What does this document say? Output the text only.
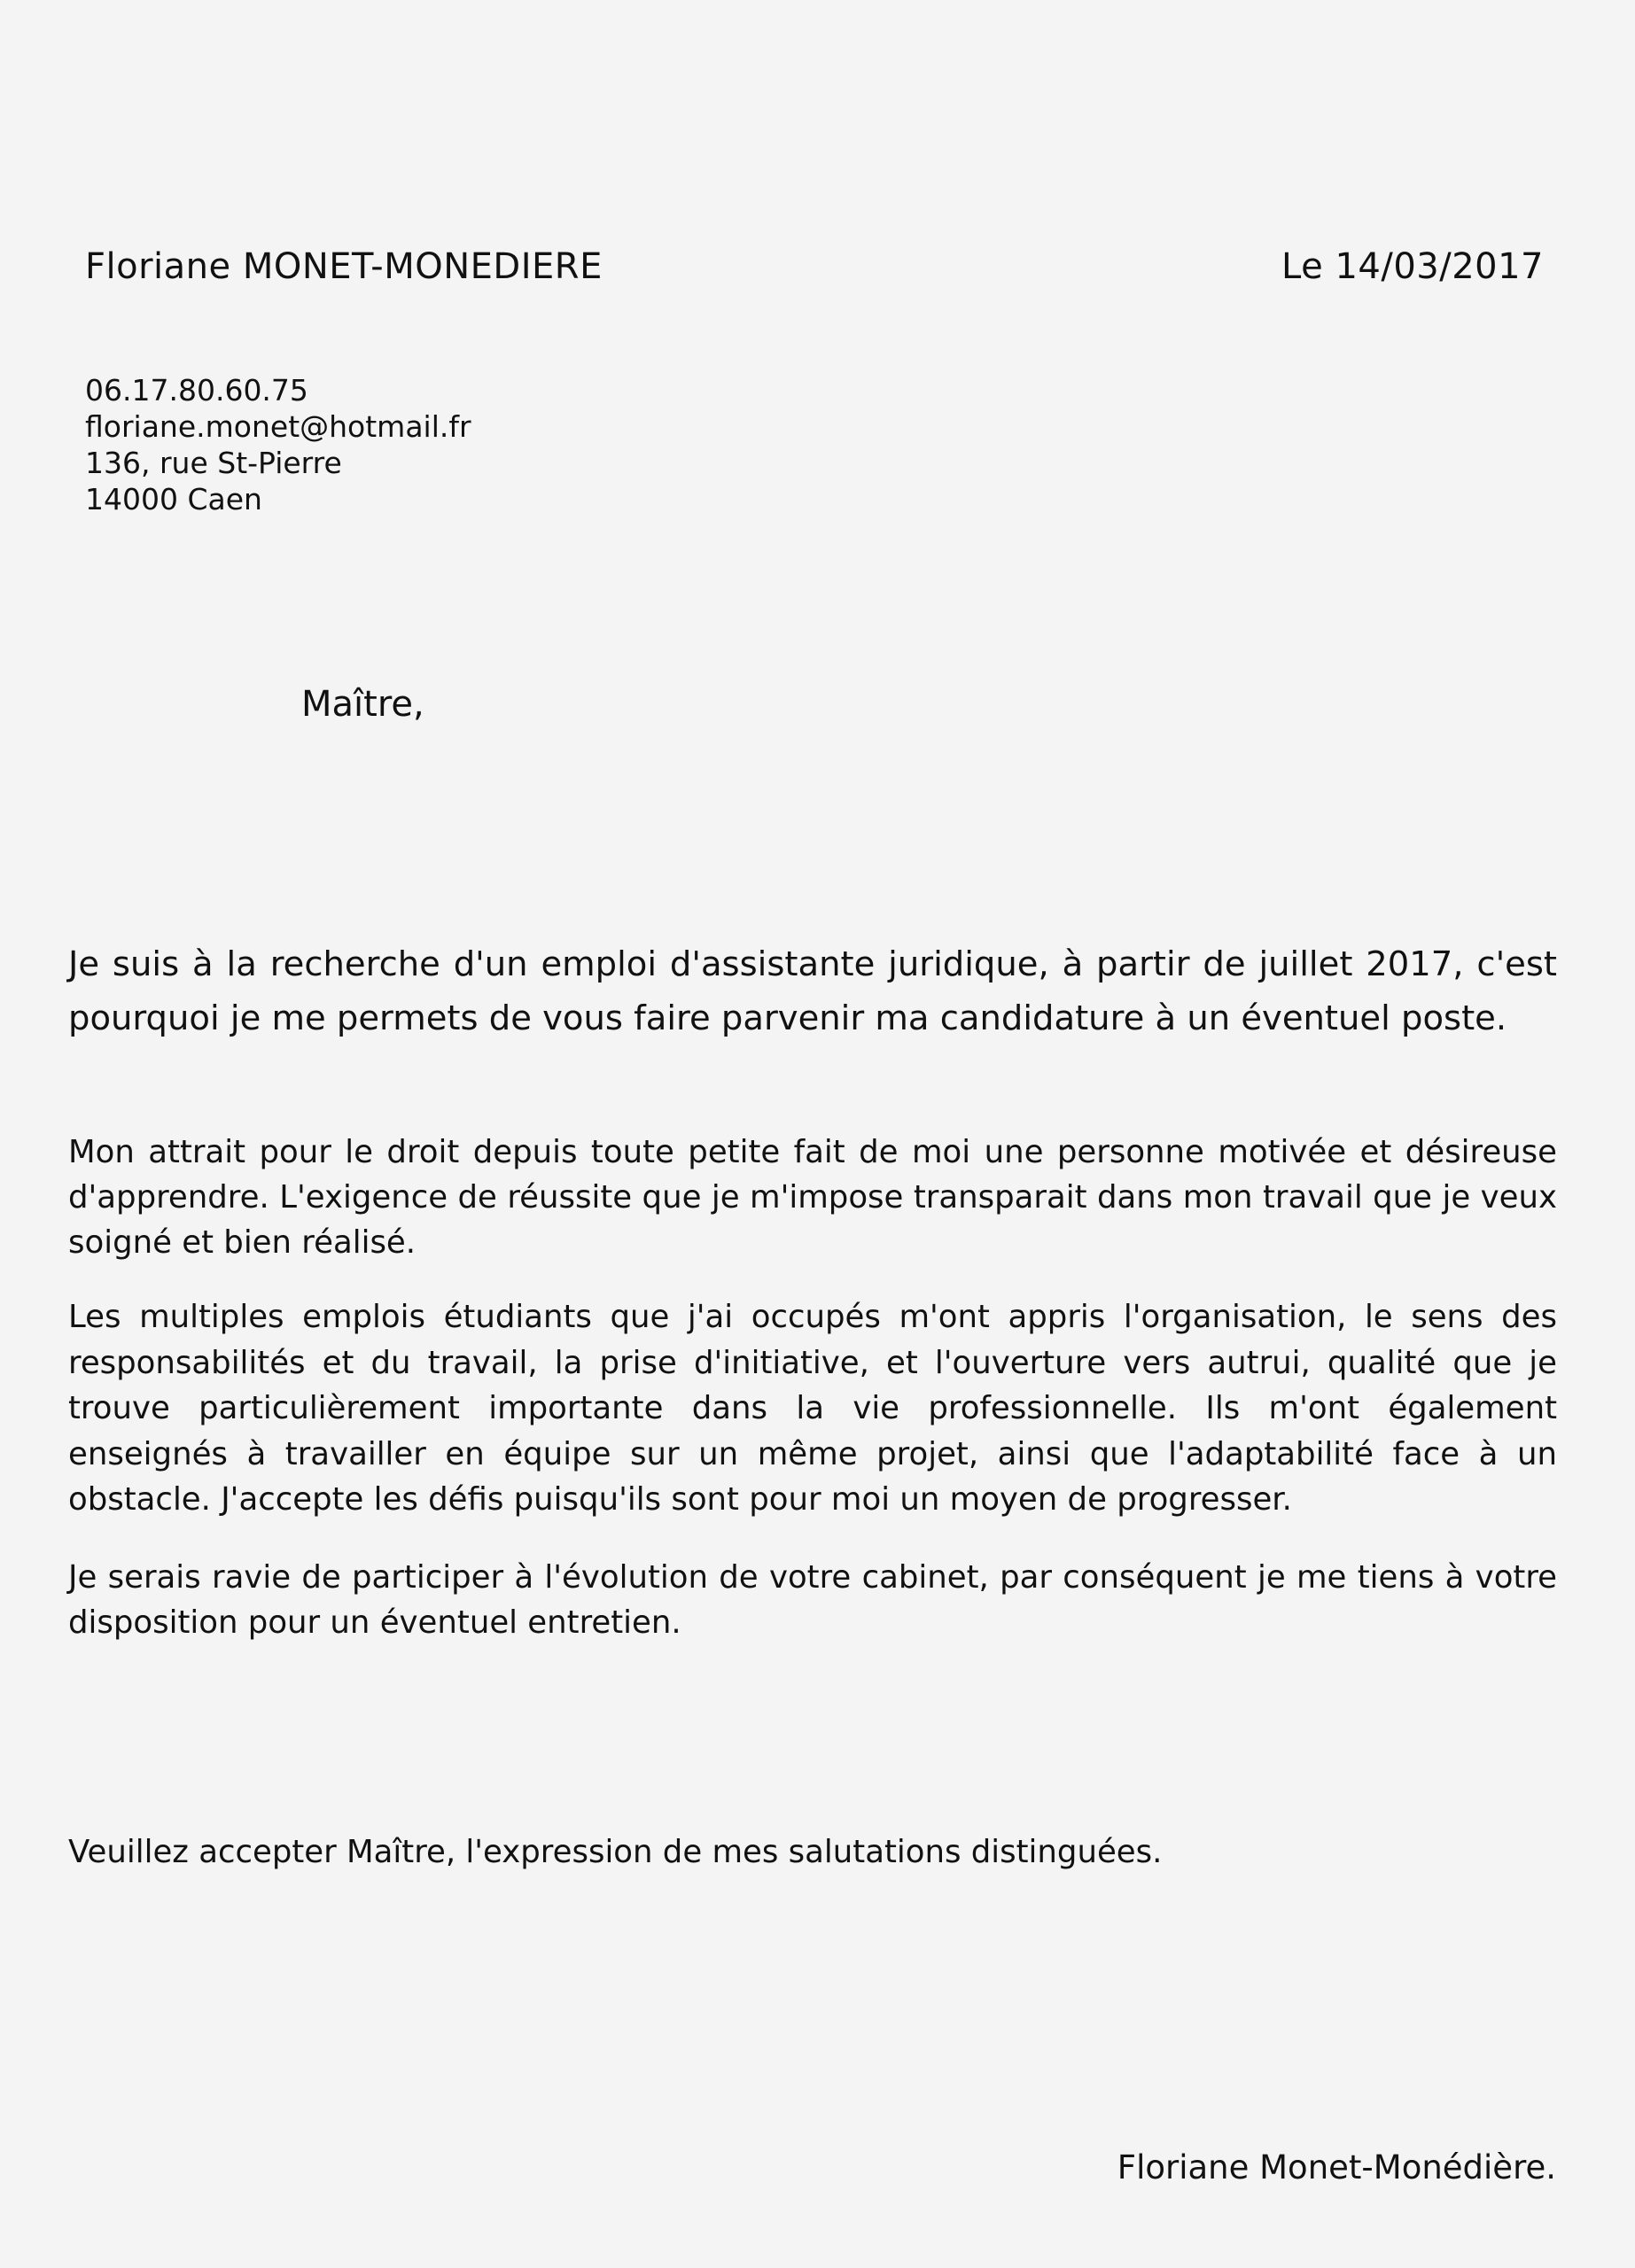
Floriane MONET-MONEDIERE	Le 14/03/2017
06.17.80.60.75
floriane.monet@hotmail.fr
136, rue St-Pierre
14000 Caen
Maître,

Je suis à la recherche d'un emploi d'assistante juridique, à partir de juillet 2017, c'est pourquoi je me permets de vous faire parvenir ma candidature à un éventuel poste.

Mon attrait pour le droit depuis toute petite fait de moi une personne motivée et désireuse d'apprendre. L'exigence de réussite que je m'impose transparait dans mon travail que je veux soigné et bien réalisé.

Les multiples emplois étudiants que j'ai occupés m'ont appris l'organisation, le sens des responsabilités et du travail, la prise d'initiative, et l'ouverture vers autrui, qualité que je trouve particulièrement importante dans la vie professionnelle. Ils m'ont également enseignés à travailler en équipe sur un même projet, ainsi que l'adaptabilité face à un obstacle. J'accepte les défis puisqu'ils sont pour moi un moyen de progresser.

Je serais ravie de participer à l'évolution de votre cabinet, par conséquent je me tiens à votre disposition pour un éventuel entretien.

Veuillez accepter Maître, l'expression de mes salutations distinguées.
Floriane Monet-Monédière.
